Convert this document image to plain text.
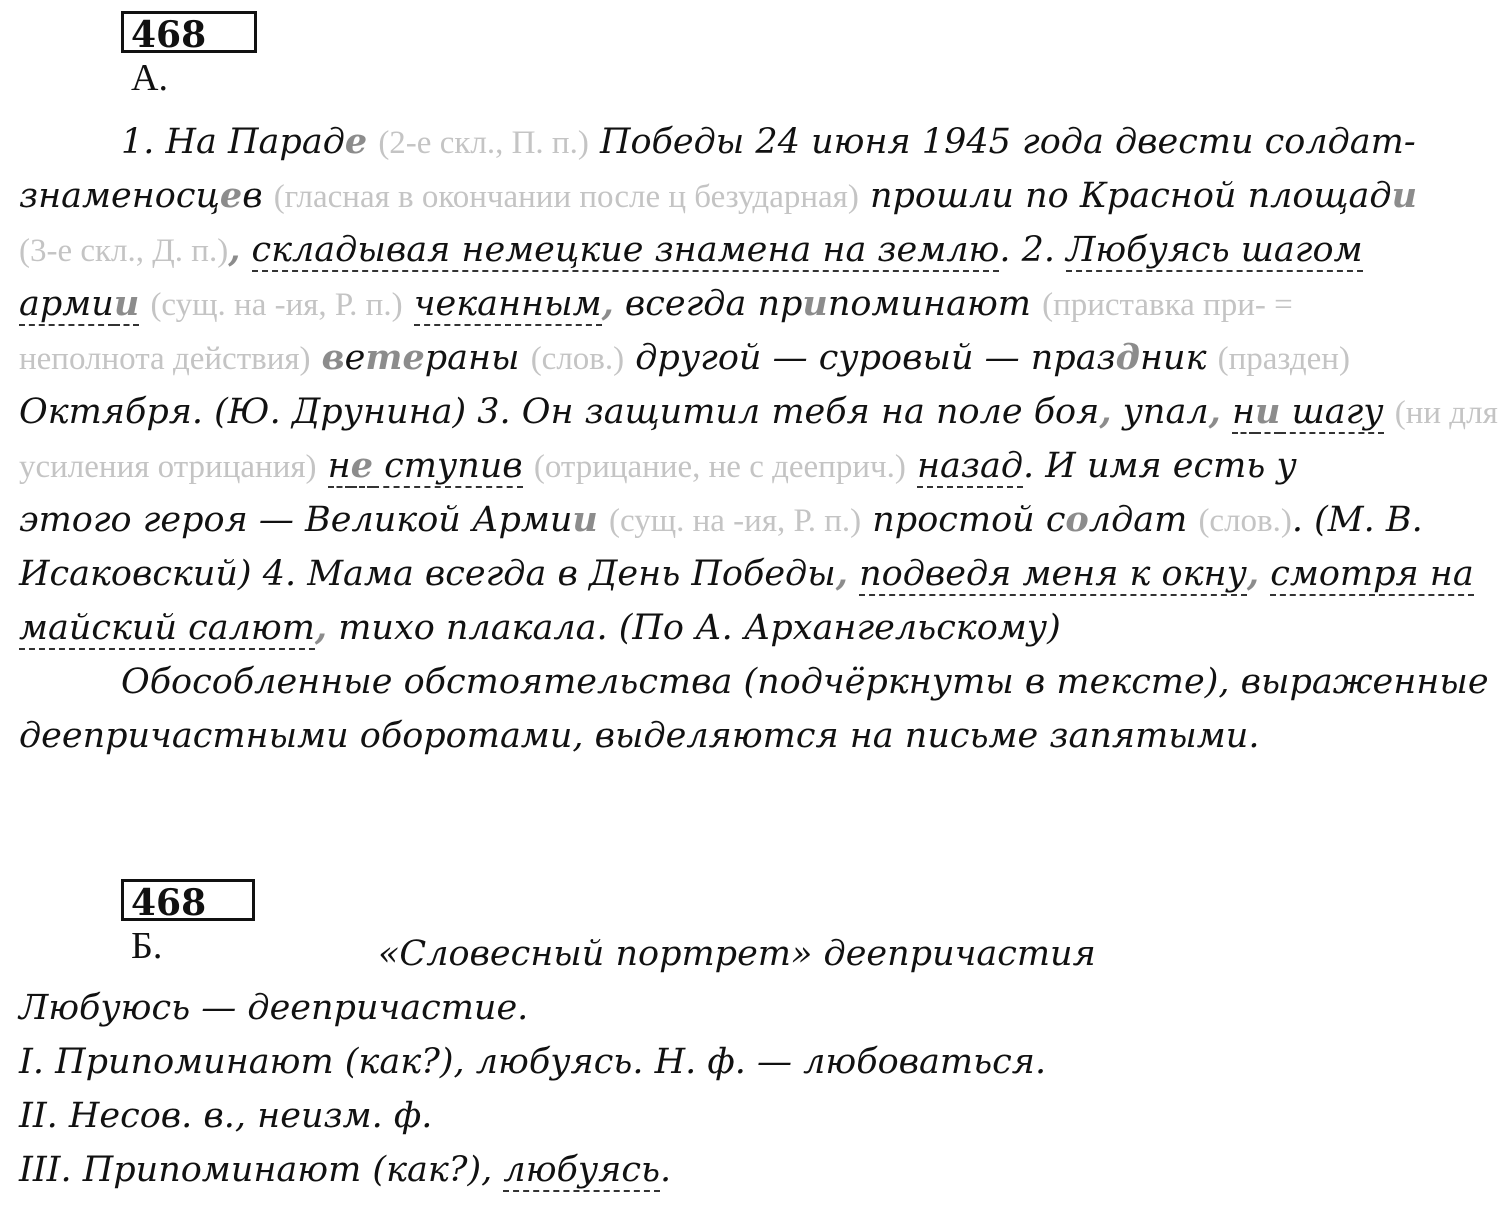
468 А.

1. На Параде (2-е скл., П. п.) Победы 24 июня 1945 года двести солдат-

знаменосцев (гласная в окончании после ц безударная) прошли по Красной площади

(3-е скл., Д. п.), складывая немецкие знамена на землю. 2. Любуясь шагом

армии (сущ. на -ия, Р. п.) чеканным, всегда припоминают (приставка при- =

неполнота действия) ветераны (слов.) другой — суровый — праздник (празден)

Октября. (Ю. Друнина) 3. Он защитил тебя на поле боя, упал, ни шагу (ни для

усиления отрицания) не ступив (отрицание, не с дееприч.) назад. И имя есть у

этого героя — Великой Армии (сущ. на -ия, Р. п.) простой солдат (слов.). (М. В.

Исаковский) 4. Мама всегда в День Победы, подведя меня к окну, смотря на

майский салют, тихо плакала. (По А. Архангельскому)

Обособленные обстоятельства (подчёркнуты в тексте), выраженные

деепричастными оборотами, выделяются на письме запятыми.

468 Б.	«Словесный портрет» деепричастия

Любуюсь — деепричастие.

I. Припоминают (как?), любуясь. Н. ф. — любоваться.

II. Несов. в., неизм. ф.

III. Припоминают (как?), любуясь.
